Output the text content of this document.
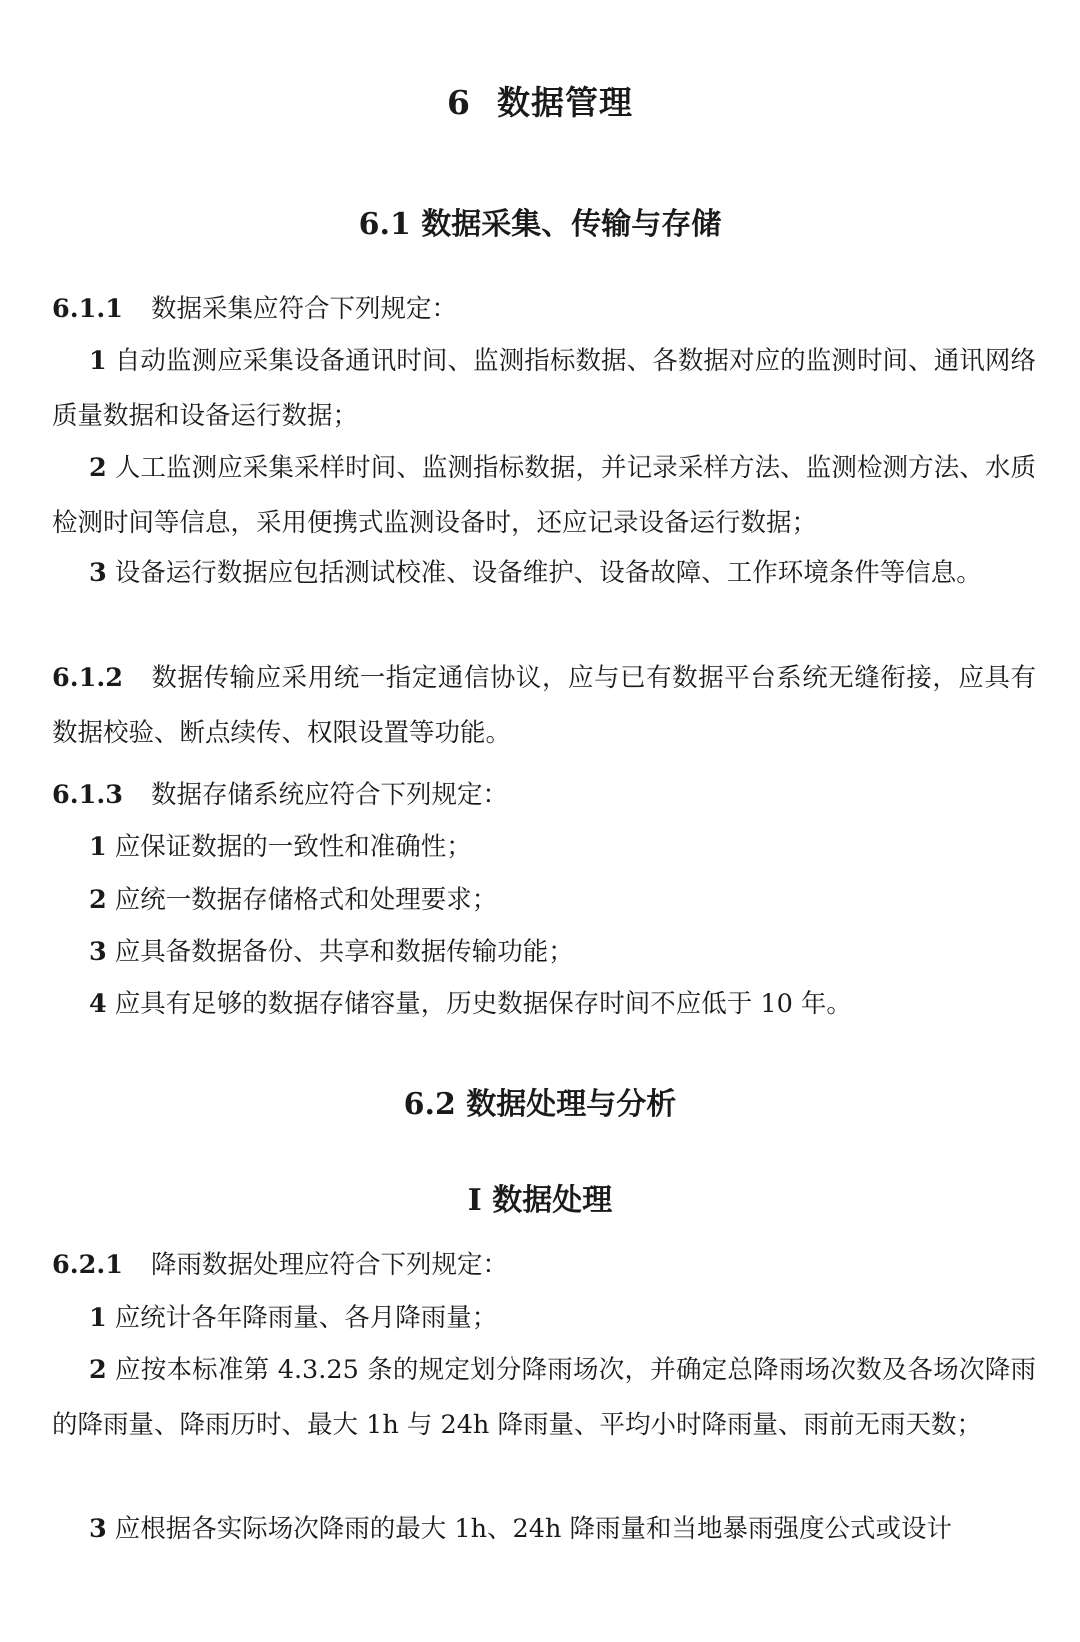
6 数据管理
6.1 数据采集、传输与存储

6.1.1 数据采集应符合下列规定：

1 自动监测应采集设备通讯时间、监测指标数据、各数据对应的监测时间、通讯网络质量数据和设备运行数据；

2 人工监测应采集采样时间、监测指标数据，并记录采样方法、监测检测方法、水质检测时间等信息，采用便携式监测设备时，还应记录设备运行数据；

3 设备运行数据应包括测试校准、设备维护、设备故障、工作环境条件等信息。

6.1.2 数据传输应采用统一指定通信协议，应与已有数据平台系统无缝衔接，应具有数据校验、断点续传、权限设置等功能。

6.1.3 数据存储系统应符合下列规定：

1 应保证数据的一致性和准确性；

2 应统一数据存储格式和处理要求；

3 应具备数据备份、共享和数据传输功能；

4 应具有足够的数据存储容量，历史数据保存时间不应低于 10 年。

6.2 数据处理与分析
I 数据处理

6.2.1 降雨数据处理应符合下列规定：

1 应统计各年降雨量、各月降雨量；

2 应按本标准第 4.3.25 条的规定划分降雨场次，并确定总降雨场次数及各场次降雨的降雨量、降雨历时、最大 1h 与 24h 降雨量、平均小时降雨量、雨前无雨天数；

3 应根据各实际场次降雨的最大 1h、24h 降雨量和当地暴雨强度公式或设计
